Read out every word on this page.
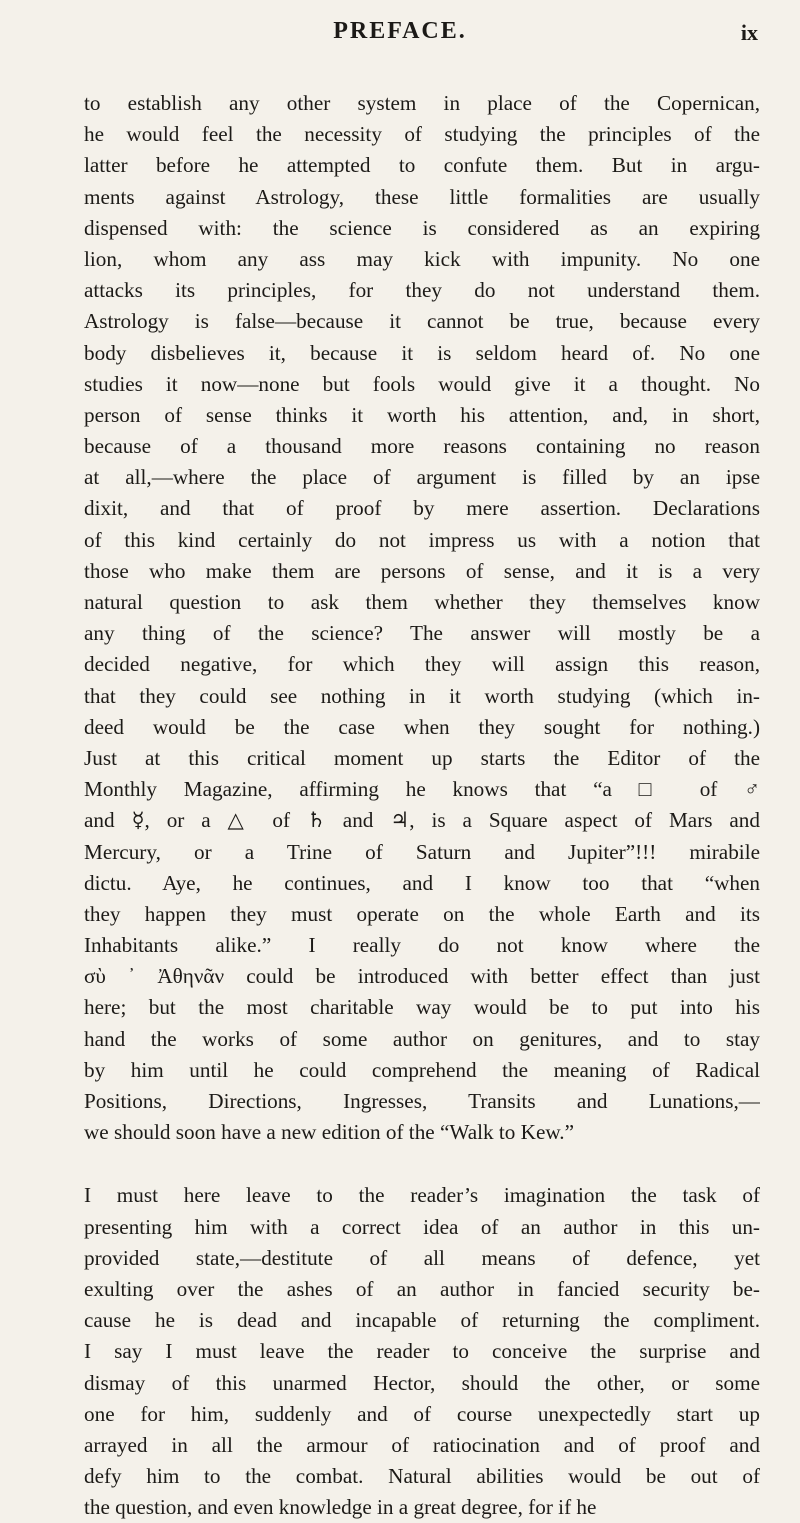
PREFACE.	ix
to establish any other system in place of the Copernican,
he would feel the necessity of studying the principles of the
latter before he attempted to confute them. But in argu-
ments against Astrology, these little formalities are usually
dispensed with: the science is considered as an expiring
lion, whom any ass may kick with impunity. No one
attacks its principles, for they do not understand them.
Astrology is false—because it cannot be true, because every
body disbelieves it, because it is seldom heard of. No one
studies it now—none but fools would give it a thought. No
person of sense thinks it worth his attention, and, in short,
because of a thousand more reasons containing no reason
at all,—where the place of argument is filled by an ipse
dixit, and that of proof by mere assertion. Declarations
of this kind certainly do not impress us with a notion that
those who make them are persons of sense, and it is a very
natural question to ask them whether they themselves know
any thing of the science? The answer will mostly be a
decided negative, for which they will assign this reason,
that they could see nothing in it worth studying (which in-
deed would be the case when they sought for nothing.)
Just at this critical moment up starts the Editor of the
Monthly Magazine, affirming he knows that “a □ of ♂
and ☿, or a △ of ♄ and ♃, is a Square aspect of Mars and
Mercury, or a Trine of Saturn and Jupiter”!!! mirabile
dictu. Aye, he continues, and I know too that “when
they happen they must operate on the whole Earth and its
Inhabitants alike.” I really do not know where the
σὺ ᾽ Ἀθηνᾶν could be introduced with better effect than just
here; but the most charitable way would be to put into his
hand the works of some author on genitures, and to stay
by him until he could comprehend the meaning of Radical
Positions, Directions, Ingresses, Transits and Lunations,—
we should soon have a new edition of the “Walk to Kew.”
I must here leave to the reader’s imagination the task of
presenting him with a correct idea of an author in this un-
provided state,—destitute of all means of defence, yet
exulting over the ashes of an author in fancied security be-
cause he is dead and incapable of returning the compliment.
I say I must leave the reader to conceive the surprise and
dismay of this unarmed Hector, should the other, or some
one for him, suddenly and of course unexpectedly start up
arrayed in all the armour of ratiocination and of proof and
defy him to the combat. Natural abilities would be out of
the question, and even knowledge in a great degree, for if he
